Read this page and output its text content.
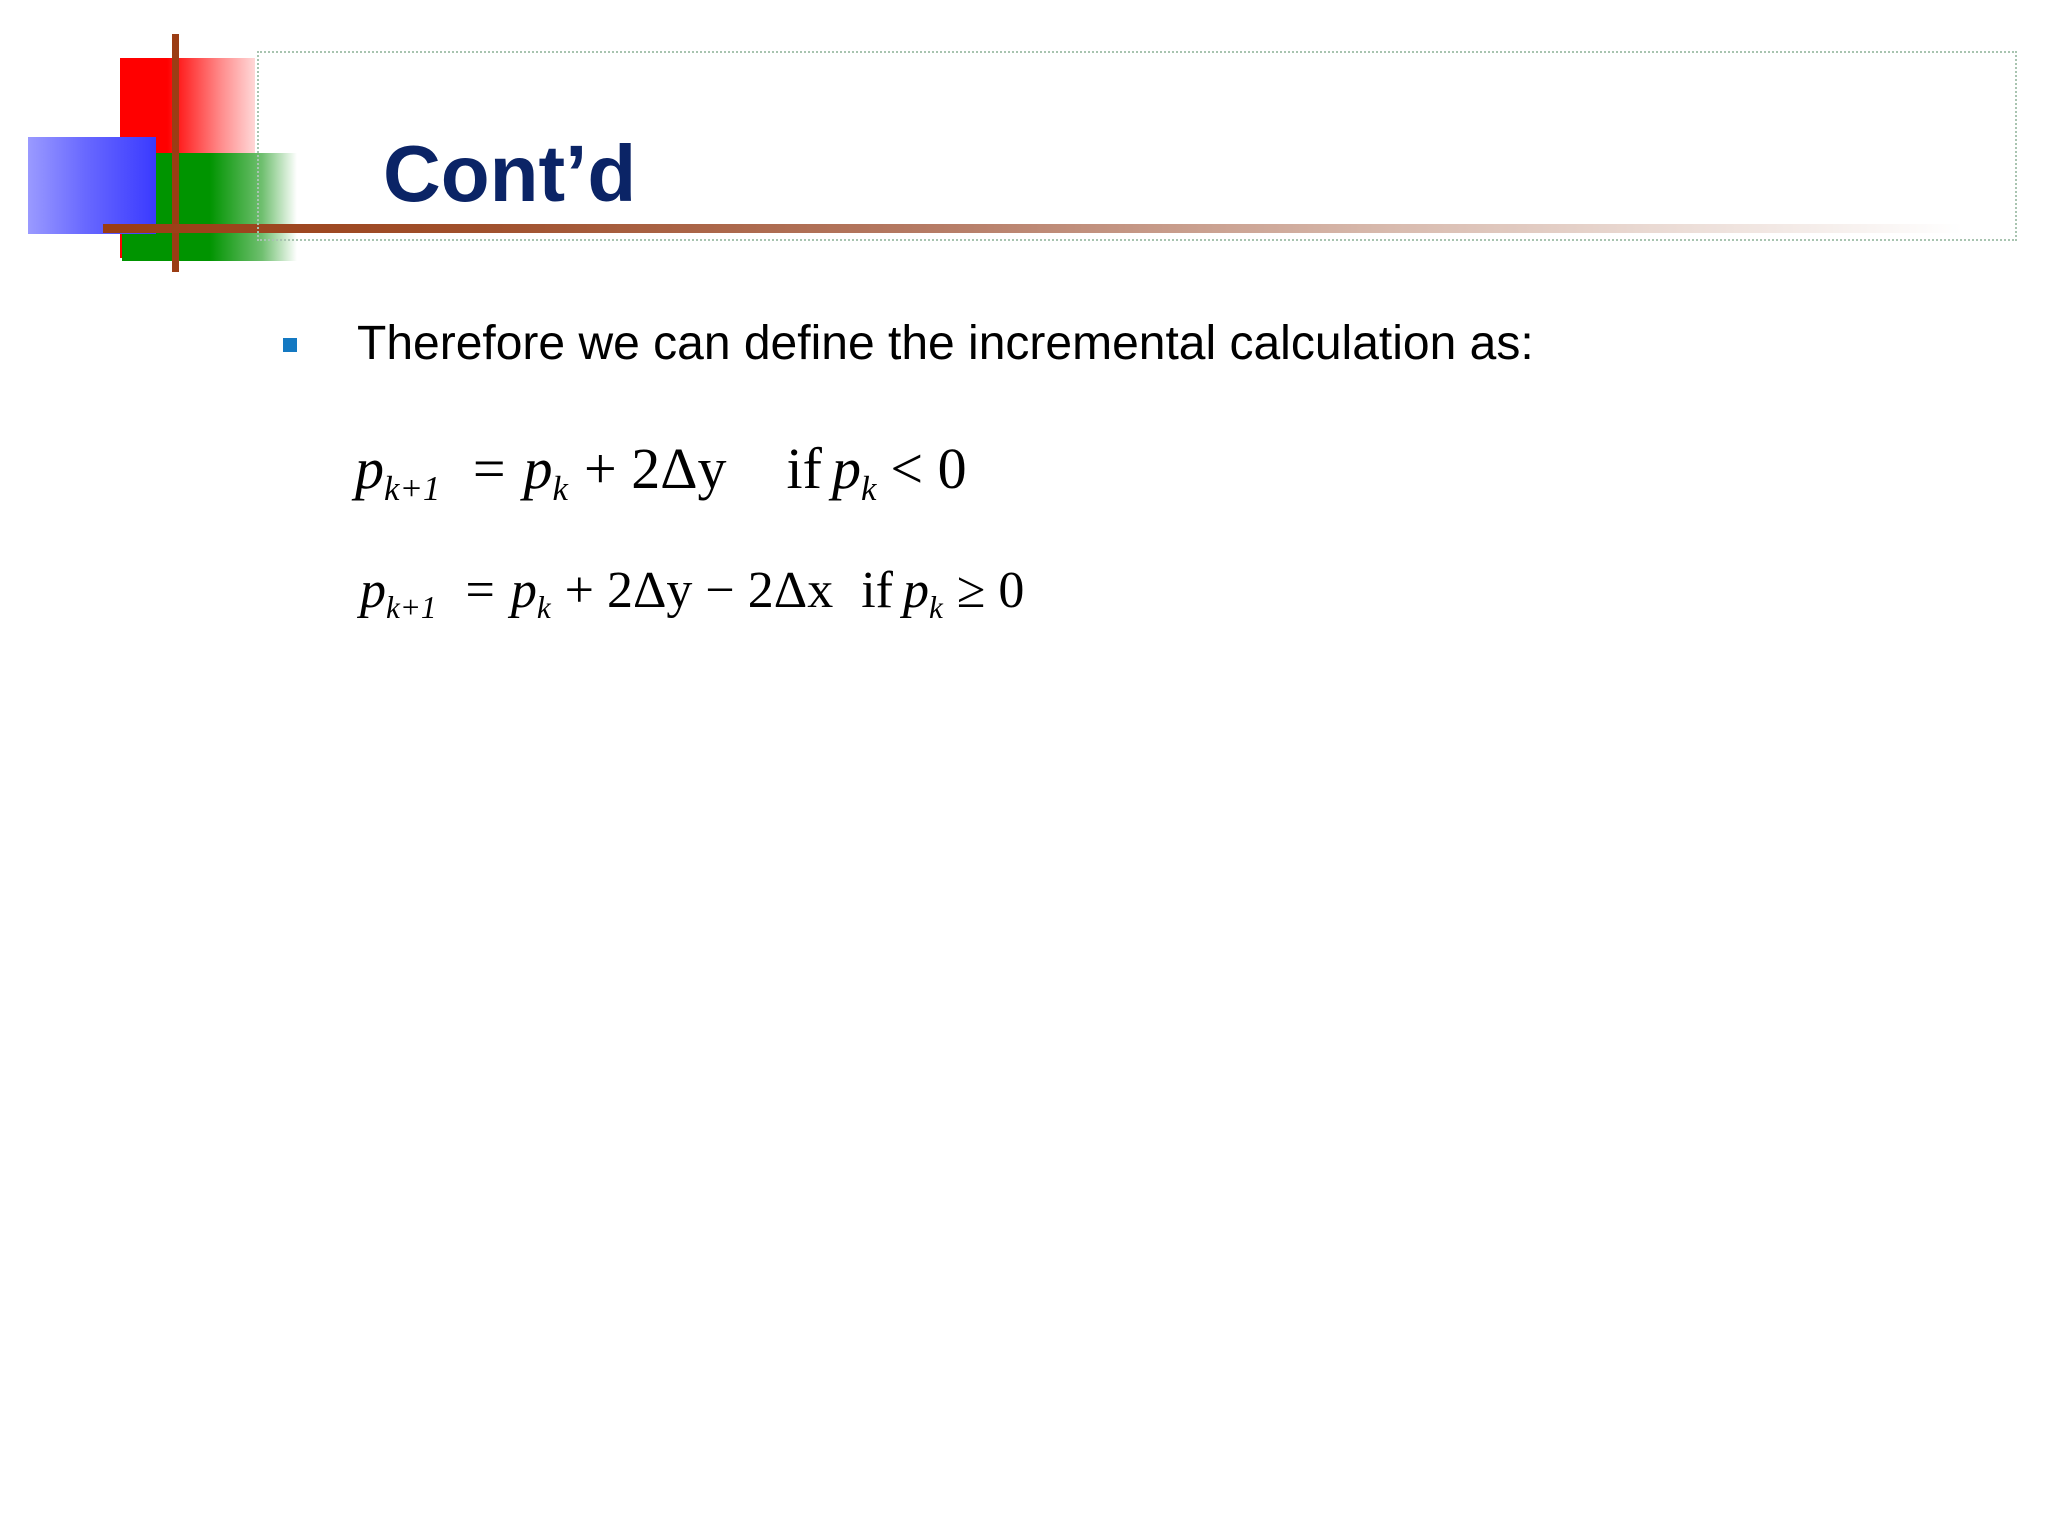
Cont’d
Therefore we can define the incremental calculation as:
$p_{k+1} = p_k + 2\Delta y$ if $p_k < 0$
$p_{k+1} = p_k + 2\Delta y - 2\Delta x$ if $p_k \ge 0$
